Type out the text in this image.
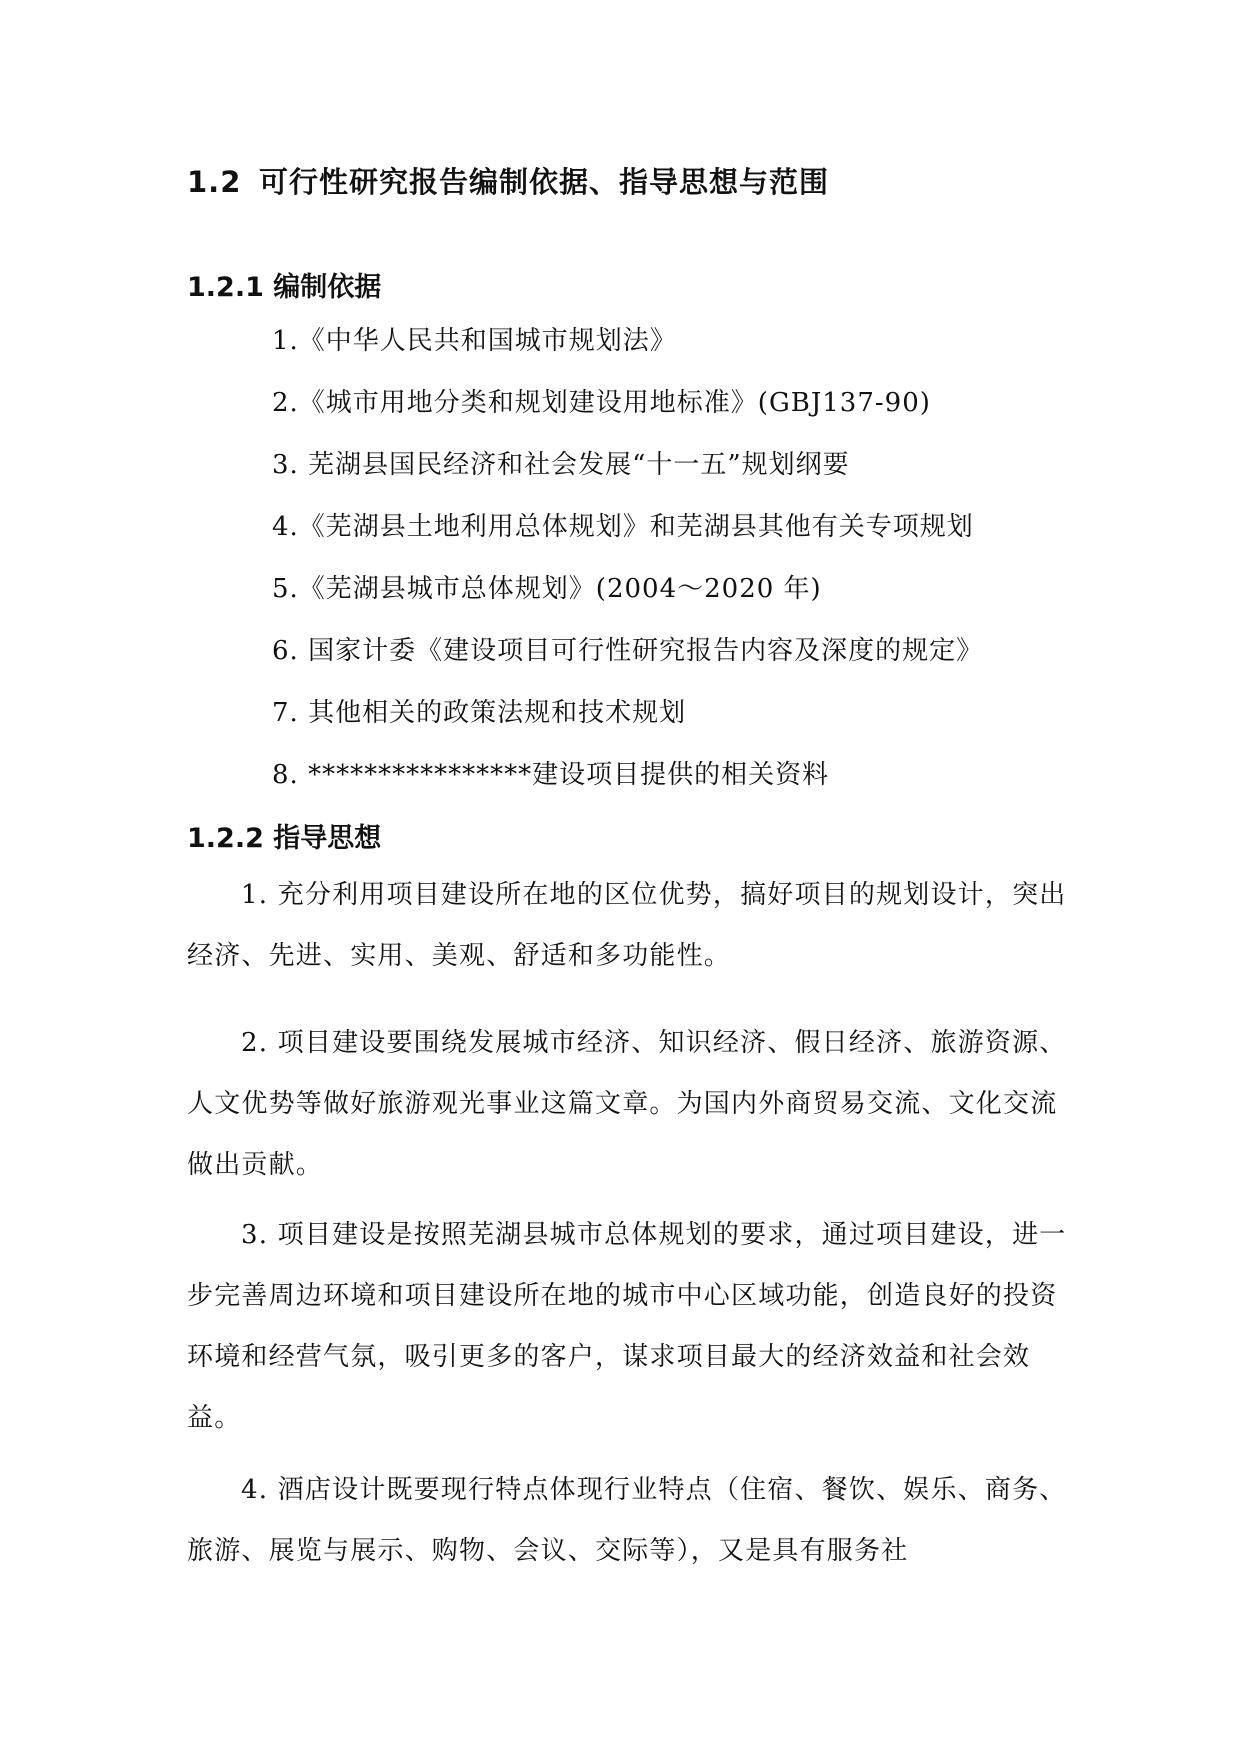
1.2 可行性研究报告编制依据、指导思想与范围
1.2.1 编制依据
1.《中华人民共和国城市规划法》
2.《城市用地分类和规划建设用地标准》(GBJ137-90)
3. 芜湖县国民经济和社会发展“十一五”规划纲要
4.《芜湖县土地利用总体规划》和芜湖县其他有关专项规划
5.《芜湖县城市总体规划》(2004～2020 年)
6. 国家计委《建设项目可行性研究报告内容及深度的规定》
7. 其他相关的政策法规和技术规划
8. ****************建设项目提供的相关资料
1.2.2 指导思想
1. 充分利用项目建设所在地的区位优势，搞好项目的规划设计，突出经济、先进、实用、美观、舒适和多功能性。
2. 项目建设要围绕发展城市经济、知识经济、假日经济、旅游资源、人文优势等做好旅游观光事业这篇文章。为国内外商贸易交流、文化交流做出贡献。
3. 项目建设是按照芜湖县城市总体规划的要求，通过项目建设，进一步完善周边环境和项目建设所在地的城市中心区域功能，创造良好的投资环境和经营气氛，吸引更多的客户，谋求项目最大的经济效益和社会效益。
4. 酒店设计既要现行特点体现行业特点（住宿、餐饮、娱乐、商务、旅游、展览与展示、购物、会议、交际等），又是具有服务社
